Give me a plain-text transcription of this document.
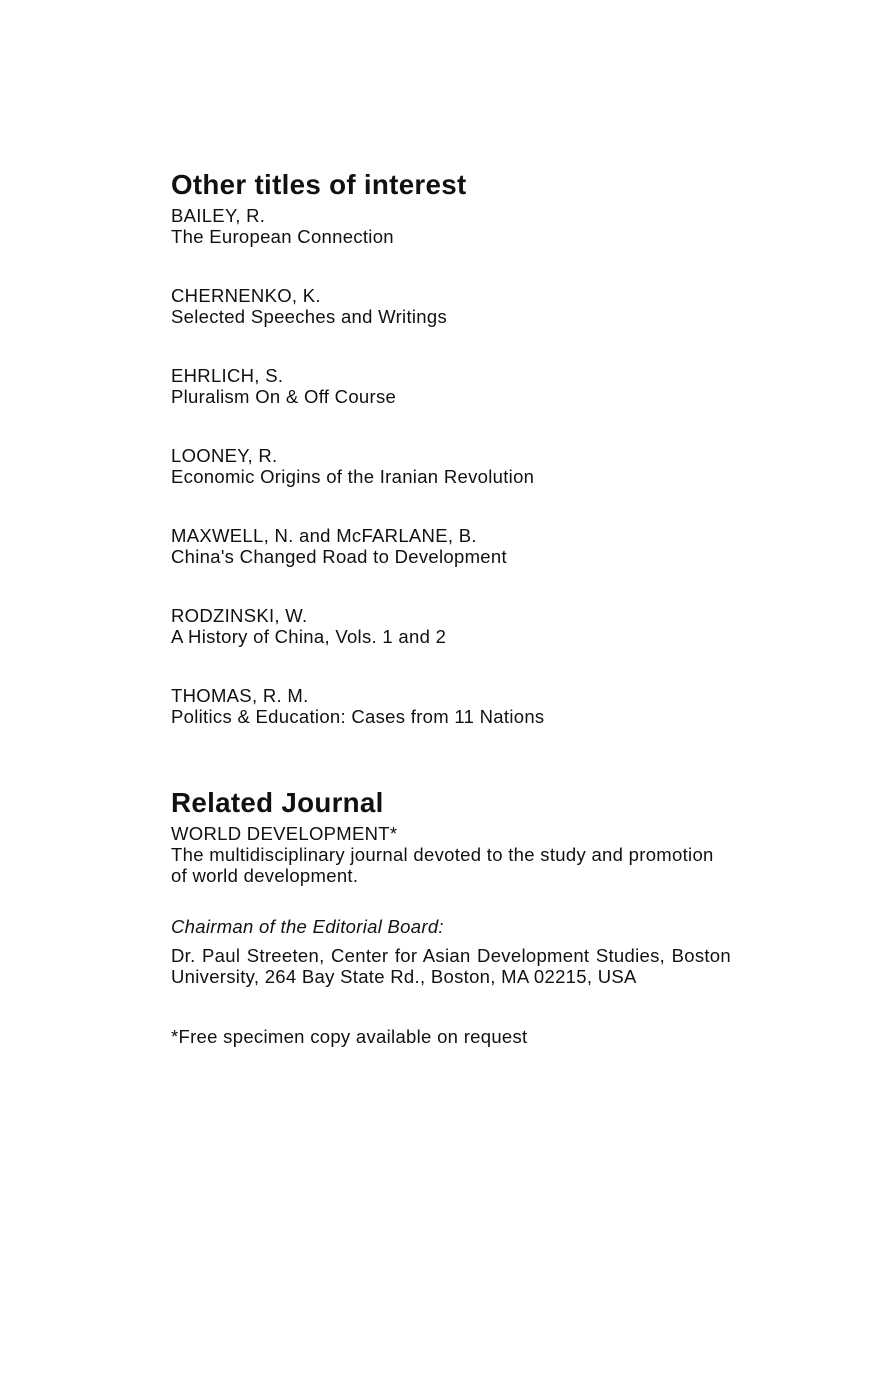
Other titles of interest
BAILEY, R.
The European Connection
CHERNENKO, K.
Selected Speeches and Writings
EHRLICH, S.
Pluralism On & Off Course
LOONEY, R.
Economic Origins of the Iranian Revolution
MAXWELL, N. and McFARLANE, B.
China's Changed Road to Development
RODZINSKI, W.
A History of China, Vols. 1 and 2
THOMAS, R. M.
Politics & Education: Cases from 11 Nations
Related Journal
WORLD DEVELOPMENT*
The multidisciplinary journal devoted to the study and promotion of world development.
Chairman of the Editorial Board:
Dr. Paul Streeten, Center for Asian Development Studies, Boston University, 264 Bay State Rd., Boston, MA 02215, USA
*Free specimen copy available on request
